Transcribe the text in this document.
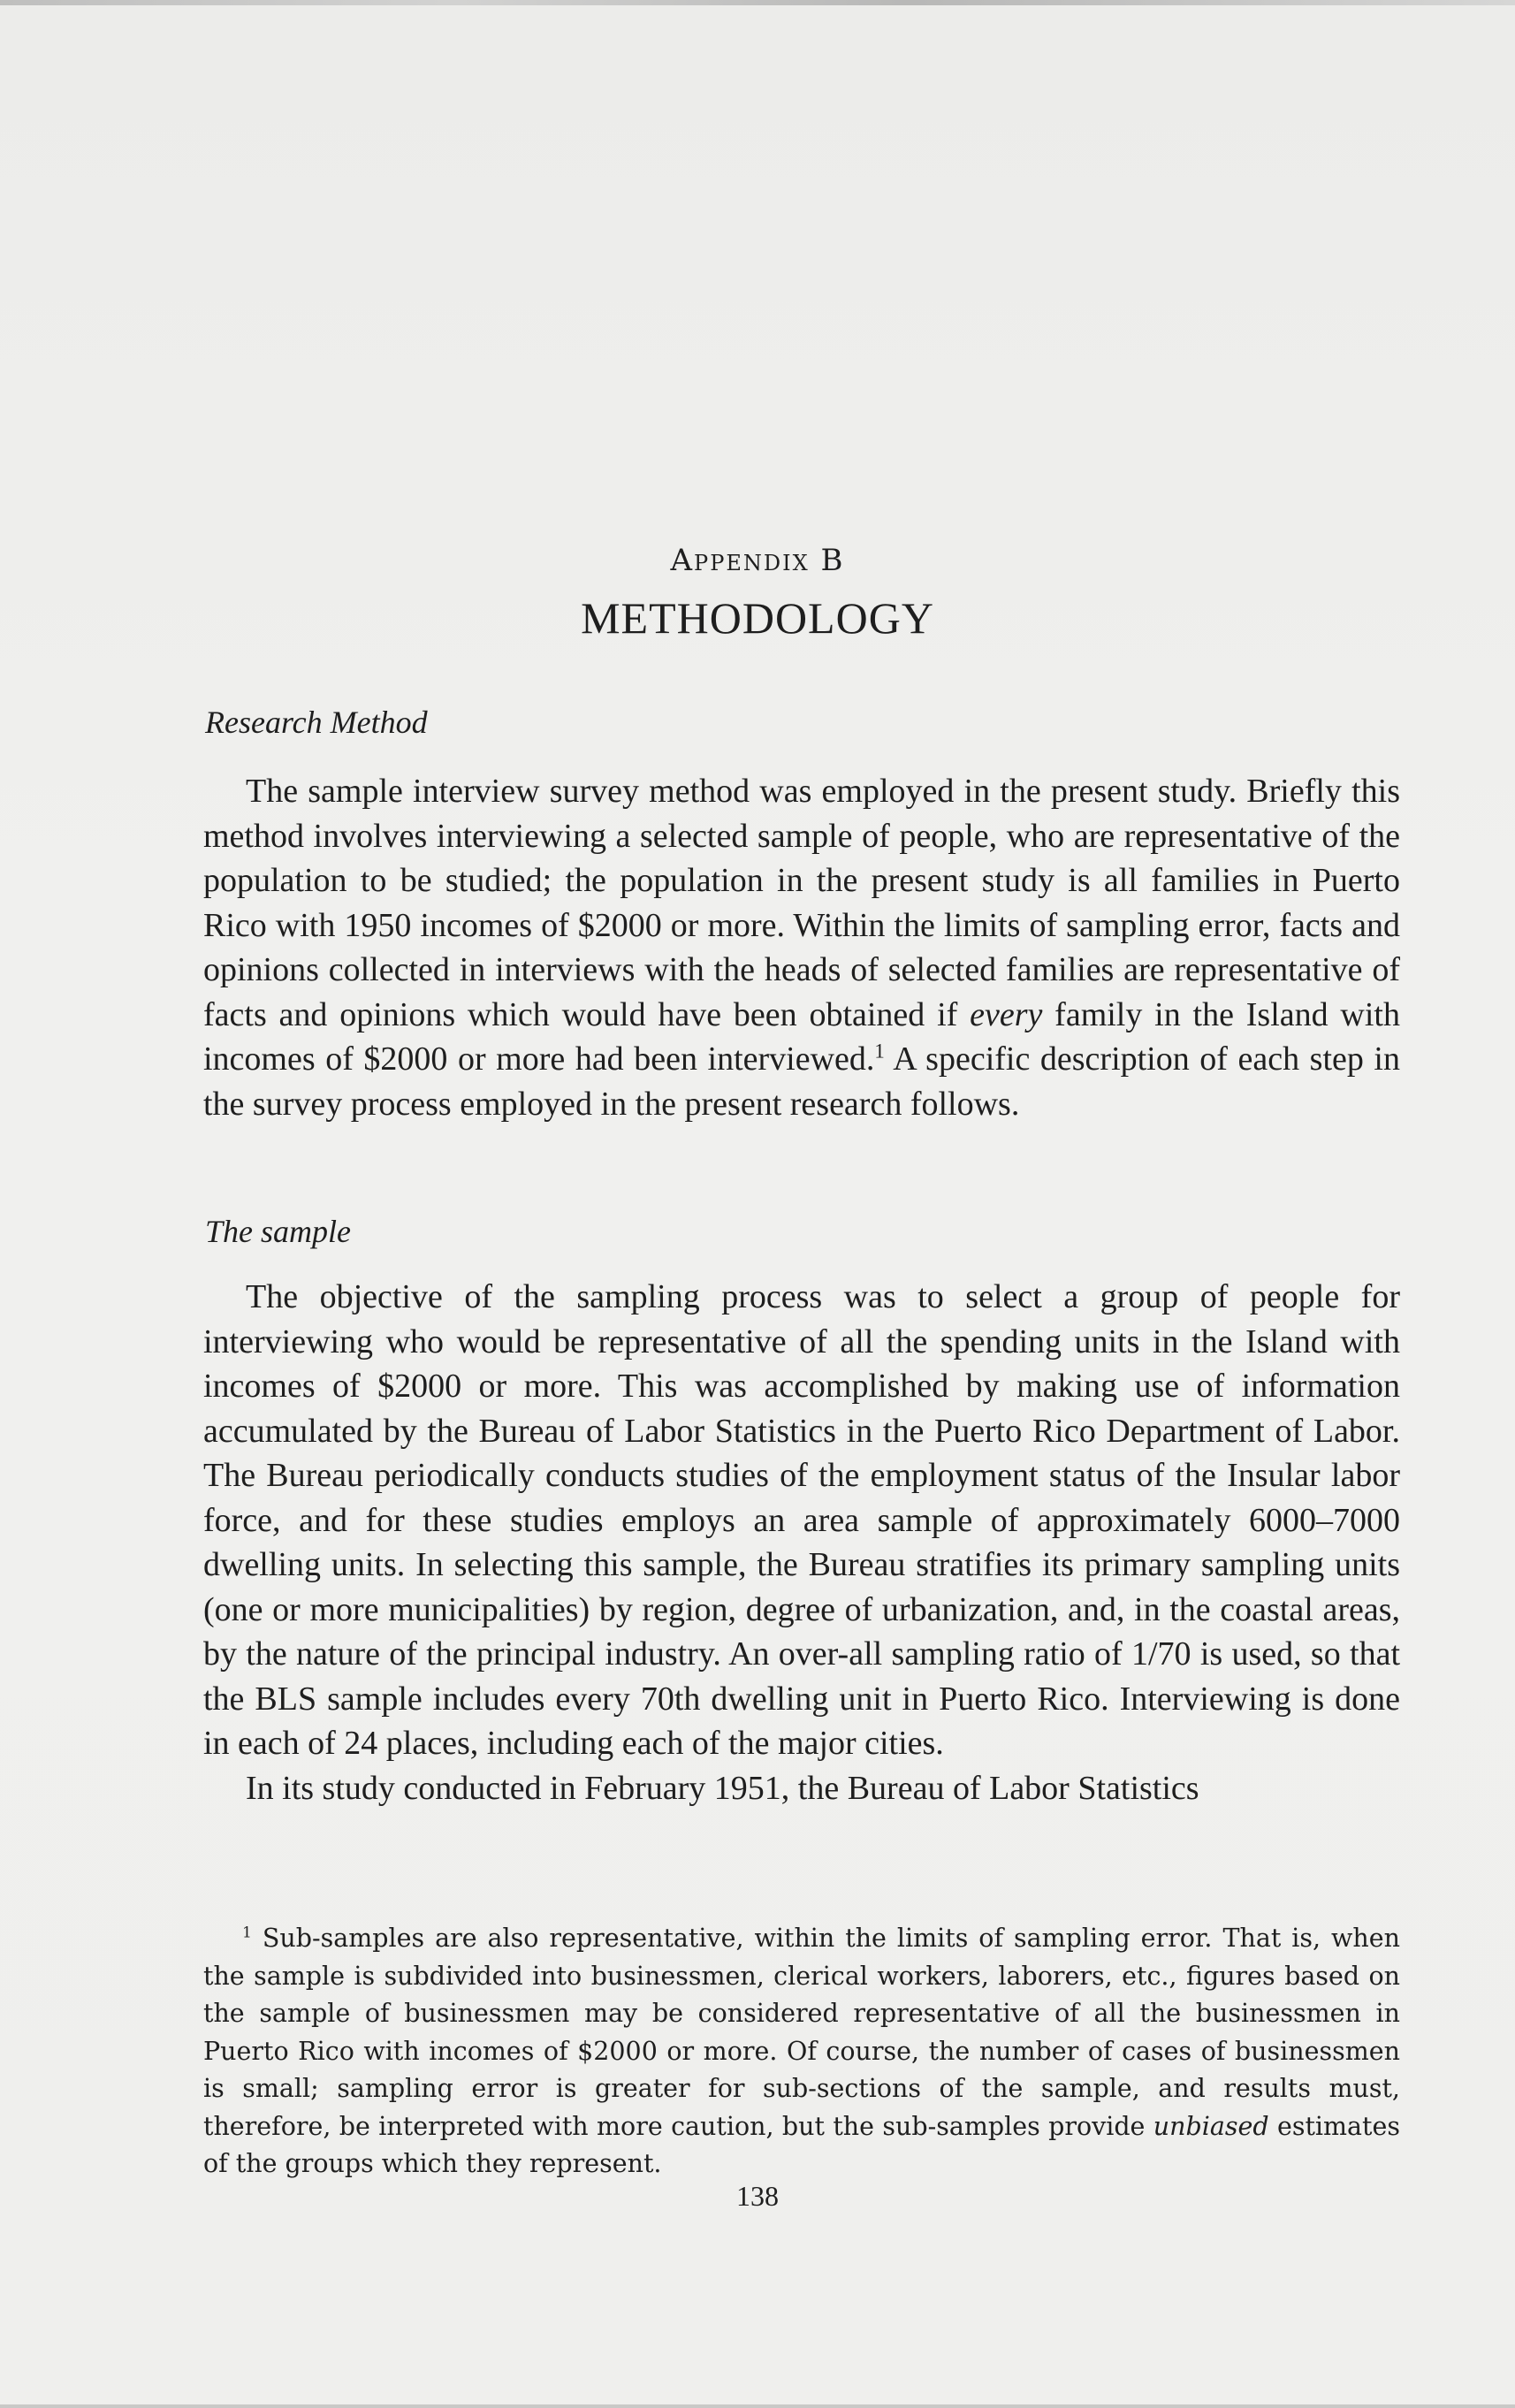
Appendix B
METHODOLOGY
Research Method

The sample interview survey method was employed in the present study. Briefly this method involves interviewing a selected sample of people, who are representative of the population to be studied; the population in the present study is all families in Puerto Rico with 1950 incomes of $2000 or more. Within the limits of sampling error, facts and opinions collected in interviews with the heads of selected families are representative of facts and opinions which would have been obtained if every family in the Island with incomes of $2000 or more had been interviewed.$^1$ A specific description of each step in the survey process employed in the present research follows.

The sample

The objective of the sampling process was to select a group of people for interviewing who would be representative of all the spending units in the Island with incomes of $2000 or more. This was accomplished by making use of information accumulated by the Bureau of Labor Statistics in the Puerto Rico Department of Labor. The Bureau periodically conducts studies of the employment status of the Insular labor force, and for these studies employs an area sample of approximately 6000–7000 dwelling units. In selecting this sample, the Bureau stratifies its primary sampling units (one or more municipalities) by region, degree of urbanization, and, in the coastal areas, by the nature of the principal industry. An over-all sampling ratio of 1/70 is used, so that the BLS sample includes every 70th dwelling unit in Puerto Rico. Interviewing is done in each of 24 places, including each of the major cities.

In its study conducted in February 1951, the Bureau of Labor Statistics

$^1$ Sub-samples are also representative, within the limits of sampling error. That is, when the sample is subdivided into businessmen, clerical workers, laborers, etc., figures based on the sample of businessmen may be considered representative of all the businessmen in Puerto Rico with incomes of $2000 or more. Of course, the number of cases of businessmen is small; sampling error is greater for sub-sections of the sample, and results must, therefore, be interpreted with more caution, but the sub-samples provide unbiased estimates of the groups which they represent.
138
